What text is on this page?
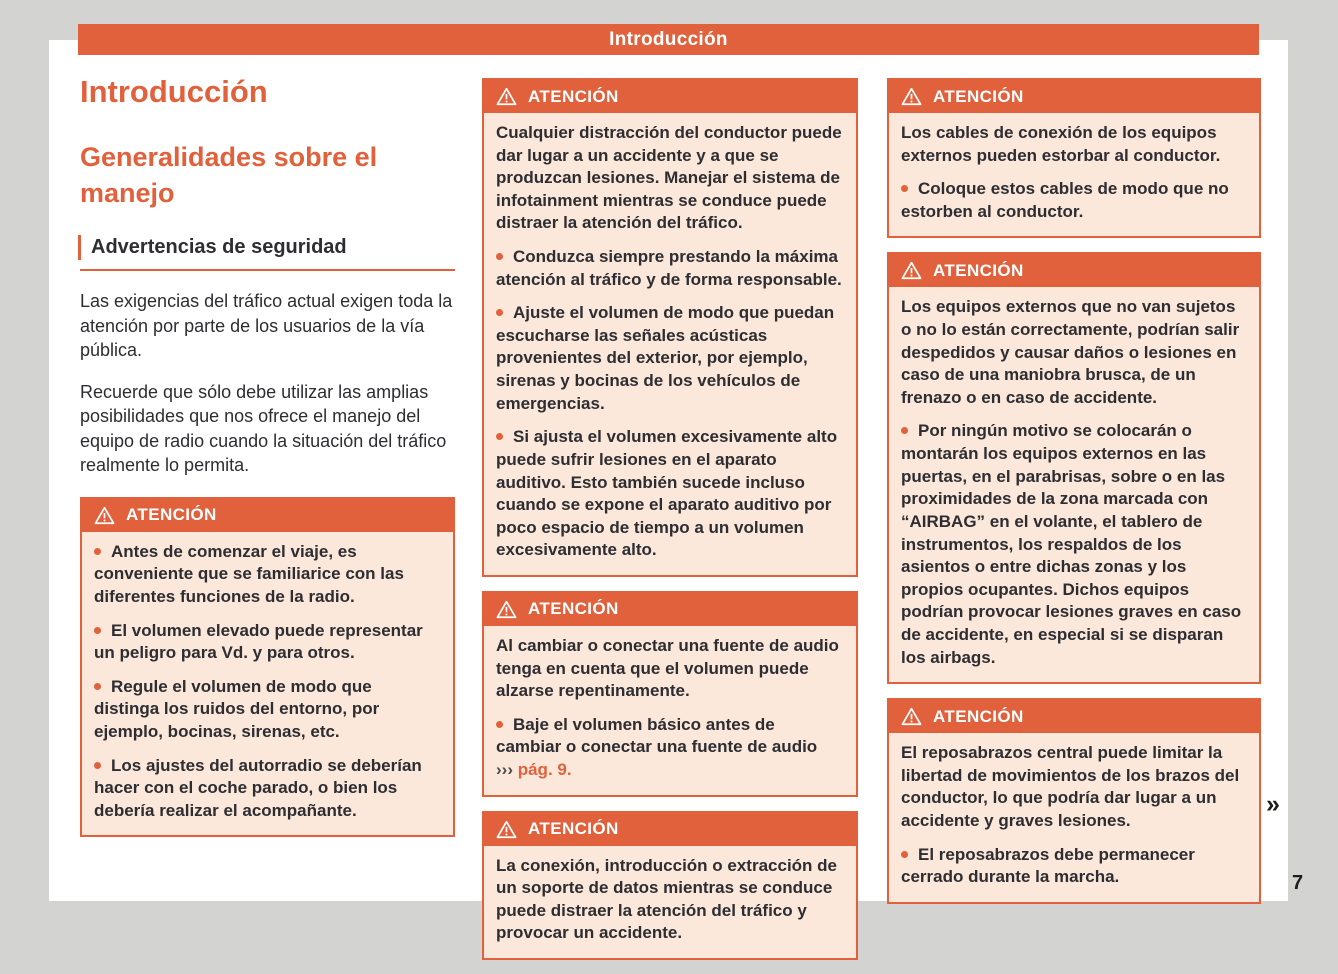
Introducción
Introducción
Generalidades sobre el manejo
Advertencias de seguridad

Las exigencias del tráfico actual exigen toda la atención por parte de los usuarios de la vía pública.

Recuerde que sólo debe utilizar las amplias posibilidades que nos ofrece el manejo del equipo de radio cuando la situación del tráfico realmente lo permita.

ATENCIÓN

Antes de comenzar el viaje, es conveniente que se familiarice con las diferentes funciones de la radio.

El volumen elevado puede representar un peligro para Vd. y para otros.

Regule el volumen de modo que distinga los ruidos del entorno, por ejemplo, bocinas, sirenas, etc.

Los ajustes del autorradio se deberían hacer con el coche parado, o bien los debería realizar el acompañante.

ATENCIÓN

Cualquier distracción del conductor puede dar lugar a un accidente y a que se produzcan lesiones. Manejar el sistema de infotainment mientras se conduce puede distraer la atención del tráfico.

Conduzca siempre prestando la máxima atención al tráfico y de forma responsable.

Ajuste el volumen de modo que puedan escucharse las señales acústicas provenientes del exterior, por ejemplo, sirenas y bocinas de los vehículos de emergencias.

Si ajusta el volumen excesivamente alto puede sufrir lesiones en el aparato auditivo. Esto también sucede incluso cuando se expone el aparato auditivo por poco espacio de tiempo a un volumen excesivamente alto.

ATENCIÓN

Al cambiar o conectar una fuente de audio tenga en cuenta que el volumen puede alzarse repentinamente.

Baje el volumen básico antes de cambiar o conectar una fuente de audio
››› pág. 9.

ATENCIÓN

La conexión, introducción o extracción de un soporte de datos mientras se conduce puede distraer la atención del tráfico y provocar un accidente.

ATENCIÓN

Los cables de conexión de los equipos externos pueden estorbar al conductor.

Coloque estos cables de modo que no estorben al conductor.

ATENCIÓN

Los equipos externos que no van sujetos o no lo están correctamente, podrían salir despedidos y causar daños o lesiones en caso de una maniobra brusca, de un frenazo o en caso de accidente.

Por ningún motivo se colocarán o montarán los equipos externos en las puertas, en el parabrisas, sobre o en las proximidades de la zona marcada con “AIRBAG” en el volante, el tablero de instrumentos, los respaldos de los asientos o entre dichas zonas y los propios ocupantes. Dichos equipos podrían provocar lesiones graves en caso de accidente, en especial si se disparan los airbags.

ATENCIÓN

El reposabrazos central puede limitar la libertad de movimientos de los brazos del conductor, lo que podría dar lugar a un accidente y graves lesiones.

El reposabrazos debe permanecer cerrado durante la marcha.

»
7
